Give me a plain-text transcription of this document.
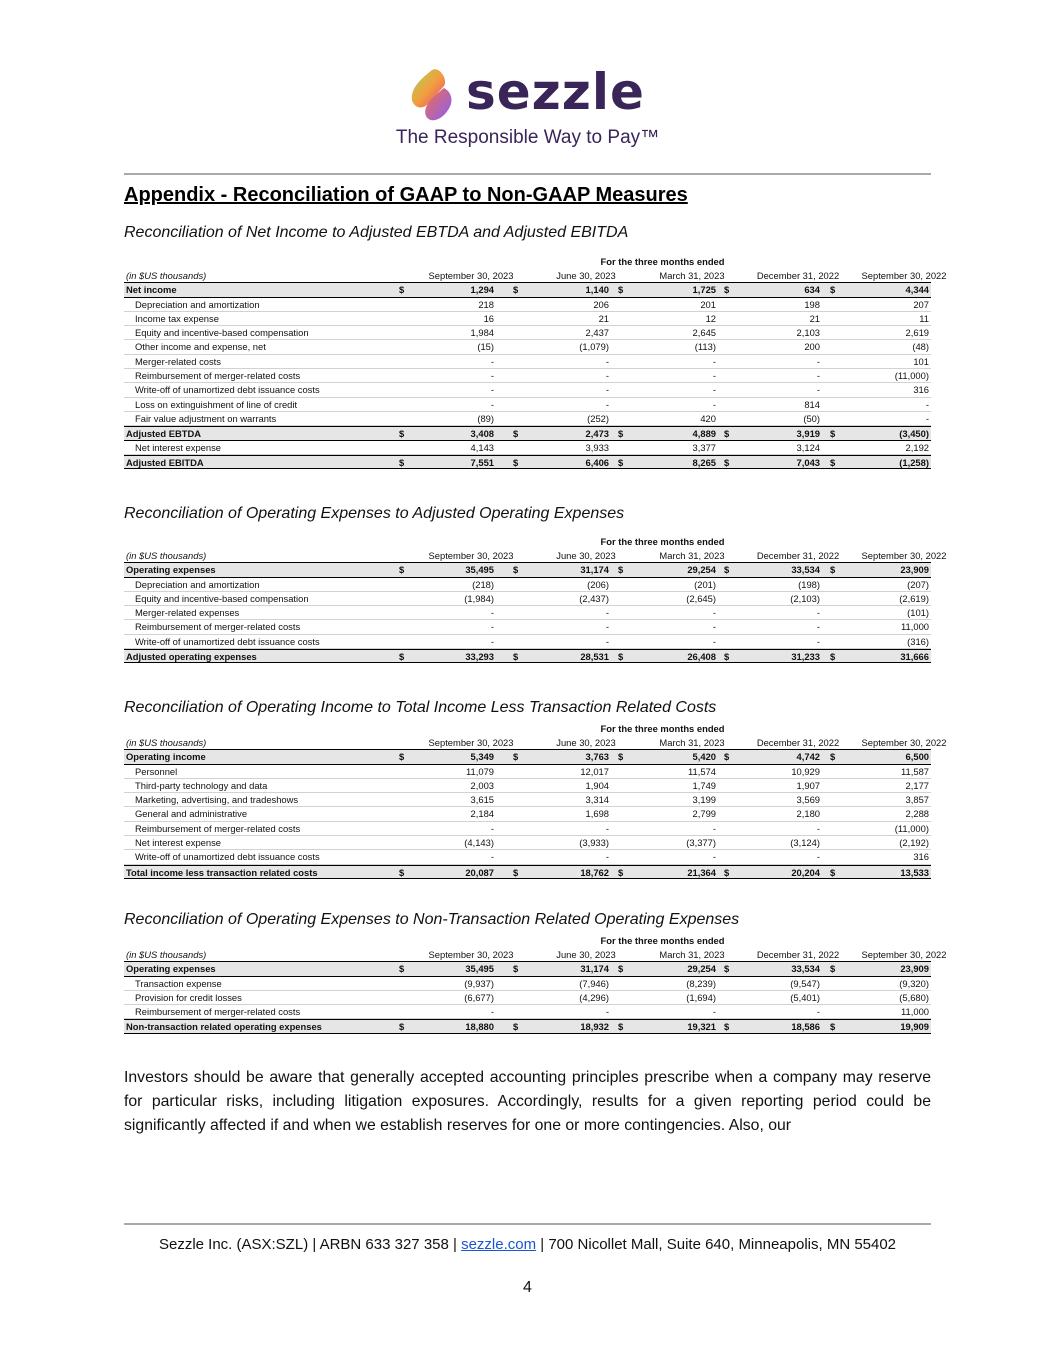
sezzle
The Responsible Way to Pay™
Appendix - Reconciliation of GAAP to Non-GAAP Measures
Reconciliation of Net Income to Adjusted EBTDA and Adjusted EBITDA
Reconciliation of Operating Expenses to Adjusted Operating Expenses
Reconciliation of Operating Income to Total Income Less Transaction Related Costs
Reconciliation of Operating Expenses to Non-Transaction Related Operating Expenses
For the three months ended
(in $US thousands)	September 30, 2023	June 30, 2023	March 31, 2023	December 31, 2022	September 30, 2022
Net income	$	1,294 $	1,140 $	1,725 $	634 $	4,344
Depreciation and amortization	218	206	201	198	207
Income tax expense	16	21	12	21	11
Equity and incentive-based compensation	1,984	2,437	2,645	2,103	2,619
Other income and expense, net	(15)	(1,079)	(113)	200	(48)
Merger-related costs	-	-	-	-	101
Reimbursement of merger-related costs	-	-	-	-	(11,000)
Write-off of unamortized debt issuance costs	-	-	-	-	316
Loss on extinguishment of line of credit	-	-	-	814	-
Fair value adjustment on warrants	(89)	(252)	420	(50)	-
Adjusted EBTDA	$	3,408 $	2,473 $	4,889 $	3,919 $	(3,450)
Net interest expense	4,143	3,933	3,377	3,124	2,192
Adjusted EBITDA	$	7,551 $	6,406 $	8,265 $	7,043 $	(1,258)
For the three months ended
(in $US thousands)	September 30, 2023	June 30, 2023	March 31, 2023	December 31, 2022	September 30, 2022
Operating expenses	$	35,495 $	31,174 $	29,254 $	33,534 $	23,909
Depreciation and amortization	(218)	(206)	(201)	(198)	(207)
Equity and incentive-based compensation	(1,984)	(2,437)	(2,645)	(2,103)	(2,619)
Merger-related expenses	-	-	-	-	(101)
Reimbursement of merger-related costs	-	-	-	-	11,000
Write-off of unamortized debt issuance costs	-	-	-	-	(316)
Adjusted operating expenses	$	33,293 $	28,531 $	26,408 $	31,233 $	31,666
For the three months ended
(in $US thousands)	September 30, 2023	June 30, 2023	March 31, 2023	December 31, 2022	September 30, 2022
Operating income	$	5,349 $	3,763 $	5,420 $	4,742 $	6,500
Personnel	11,079	12,017	11,574	10,929	11,587
Third-party technology and data	2,003	1,904	1,749	1,907	2,177
Marketing, advertising, and tradeshows	3,615	3,314	3,199	3,569	3,857
General and administrative	2,184	1,698	2,799	2,180	2,288
Reimbursement of merger-related costs	-	-	-	-	(11,000)
Net interest expense	(4,143)	(3,933)	(3,377)	(3,124)	(2,192)
Write-off of unamortized debt issuance costs	-	-	-	-	316
Total income less transaction related costs	$	20,087 $	18,762 $	21,364 $	20,204 $	13,533
For the three months ended
(in $US thousands)	September 30, 2023	June 30, 2023	March 31, 2023	December 31, 2022	September 30, 2022
Operating expenses	$	35,495 $	31,174 $	29,254 $	33,534 $	23,909
Transaction expense	(9,937)	(7,946)	(8,239)	(9,547)	(9,320)
Provision for credit losses	(6,677)	(4,296)	(1,694)	(5,401)	(5,680)
Reimbursement of merger-related costs	-	-	-	-	11,000
Non-transaction related operating expenses	$	18,880 $	18,932 $	19,321 $	18,586 $	19,909
Investors should be aware that generally accepted accounting principles prescribe when a company may reserve for particular risks, including litigation exposures. Accordingly, results for a given reporting period could be significantly affected if and when we establish reserves for one or more contingencies. Also, our
Sezzle Inc. (ASX:SZL) | ARBN 633 327 358 | sezzle.com | 700 Nicollet Mall, Suite 640, Minneapolis, MN 55402
4
